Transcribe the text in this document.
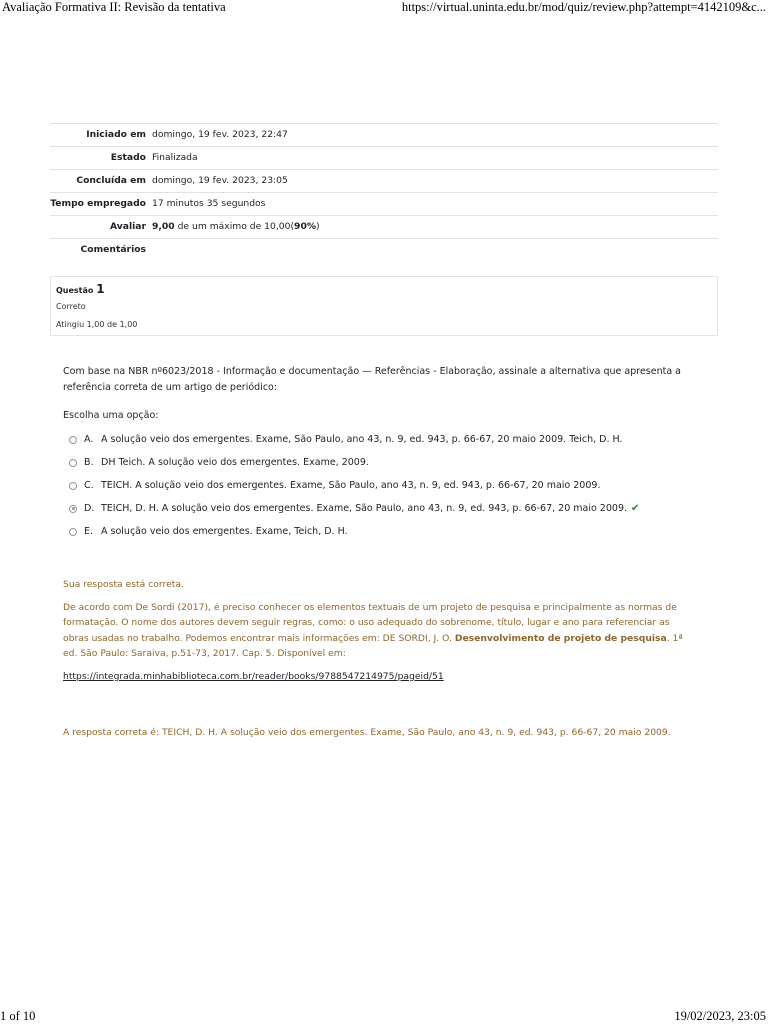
Avaliação Formativa II: Revisão da tentativa	https://virtual.uninta.edu.br/mod/quiz/review.php?attempt=4142109&c...
Iniciado em	domingo, 19 fev. 2023, 22:47
Estado	Finalizada
Concluída em	domingo, 19 fev. 2023, 23:05
Tempo empregado	17 minutos 35 segundos
Avaliar	9,00 de um máximo de 10,00(90%)
Comentários	
Questão 1
Correto
Atingiu 1,00 de 1,00
Com base na NBR nº6023/2018 - Informação e documentação — Referências - Elaboração, assinale a alternativa que apresenta a referência correta de um artigo de periódico:
Escolha uma opção:
A. A solução veio dos emergentes. Exame, São Paulo, ano 43, n. 9, ed. 943, p. 66-67, 20 maio 2009. Teich, D. H.
B. DH Teich. A solução veio dos emergentes. Exame, 2009.
C. TEICH. A solução veio dos emergentes. Exame, São Paulo, ano 43, n. 9, ed. 943, p. 66-67, 20 maio 2009.
D. TEICH, D. H. A solução veio dos emergentes. Exame, São Paulo, ano 43, n. 9, ed. 943, p. 66-67, 20 maio 2009. ✔
E. A solução veio dos emergentes. Exame, Teich, D. H.

Sua resposta está correta.

De acordo com De Sordi (2017), é preciso conhecer os elementos textuais de um projeto de pesquisa e principalmente as normas de formatação. O nome dos autores devem seguir regras, como: o uso adequado do sobrenome, título, lugar e ano para referenciar as obras usadas no trabalho. Podemos encontrar mais informações em: DE SORDI, J. O. Desenvolvimento de projeto de pesquisa. 1ª ed. São Paulo: Saraiva, p.51-73, 2017. Cap. 5. Disponível em:

https://integrada.minhabiblioteca.com.br/reader/books/9788547214975/pageid/51

A resposta correta é: TEICH, D. H. A solução veio dos emergentes. Exame, São Paulo, ano 43, n. 9, ed. 943, p. 66-67, 20 maio 2009.
1 of 10	19/02/2023, 23:05
